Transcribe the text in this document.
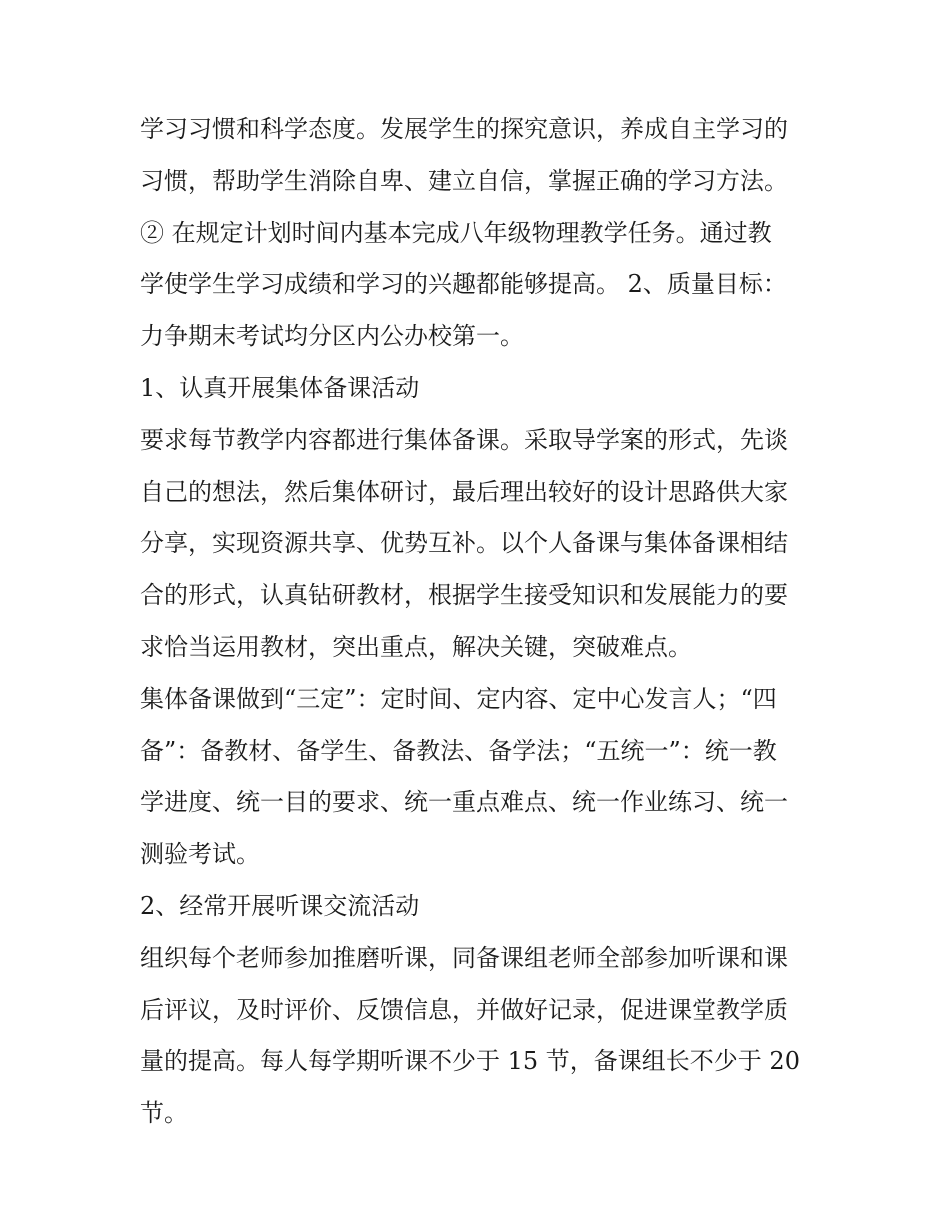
学习习惯和科学态度。发展学生的探究意识，养成自主学习的
习惯，帮助学生消除自卑、建立自信，掌握正确的学习方法。
② 在规定计划时间内基本完成八年级物理教学任务。通过教
学使学生学习成绩和学习的兴趣都能够提高。 2、质量目标：
力争期末考试均分区内公办校第一。
1、认真开展集体备课活动
要求每节教学内容都进行集体备课。采取导学案的形式，先谈
自己的想法，然后集体研讨，最后理出较好的设计思路供大家
分享，实现资源共享、优势互补。以个人备课与集体备课相结
合的形式，认真钻研教材，根据学生接受知识和发展能力的要
求恰当运用教材，突出重点，解决关键，突破难点。
集体备课做到“三定”：定时间、定内容、定中心发言人；“四
备”：备教材、备学生、备教法、备学法；“五统一”：统一教
学进度、统一目的要求、统一重点难点、统一作业练习、统一
测验考试。
2、经常开展听课交流活动
组织每个老师参加推磨听课，同备课组老师全部参加听课和课
后评议，及时评价、反馈信息，并做好记录，促进课堂教学质
量的提高。每人每学期听课不少于 15 节，备课组长不少于 20
节。
